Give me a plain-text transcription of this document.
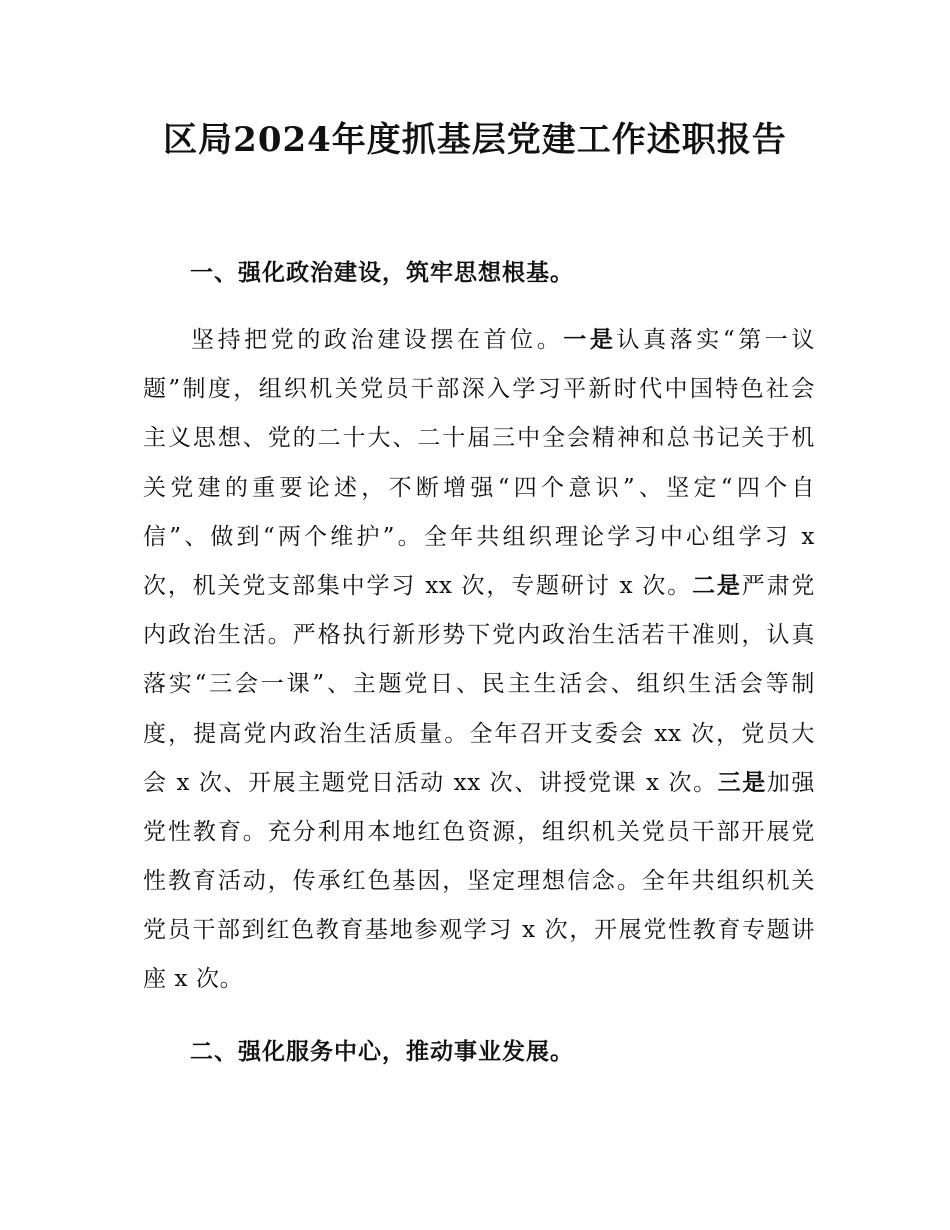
区局2024年度抓基层党建工作述职报告
一、强化政治建设，筑牢思想根基。
坚持把党的政治建设摆在首位。一是认真落实“第一议
题”制度，组织机关党员干部深入学习平新时代中国特色社会
主义思想、党的二十大、二十届三中全会精神和总书记关于机
关党建的重要论述，不断增强“四个意识”、坚定“四个自
信”、做到“两个维护”。全年共组织理论学习中心组学习 x
次，机关党支部集中学习 xx 次，专题研讨 x 次。二是严肃党
内政治生活。严格执行新形势下党内政治生活若干准则，认真
落实“三会一课”、主题党日、民主生活会、组织生活会等制
度，提高党内政治生活质量。全年召开支委会 xx 次，党员大
会 x 次、开展主题党日活动 xx 次、讲授党课 x 次。三是加强
党性教育。充分利用本地红色资源，组织机关党员干部开展党
性教育活动，传承红色基因，坚定理想信念。全年共组织机关
党员干部到红色教育基地参观学习 x 次，开展党性教育专题讲
座 x 次。
二、强化服务中心，推动事业发展。
